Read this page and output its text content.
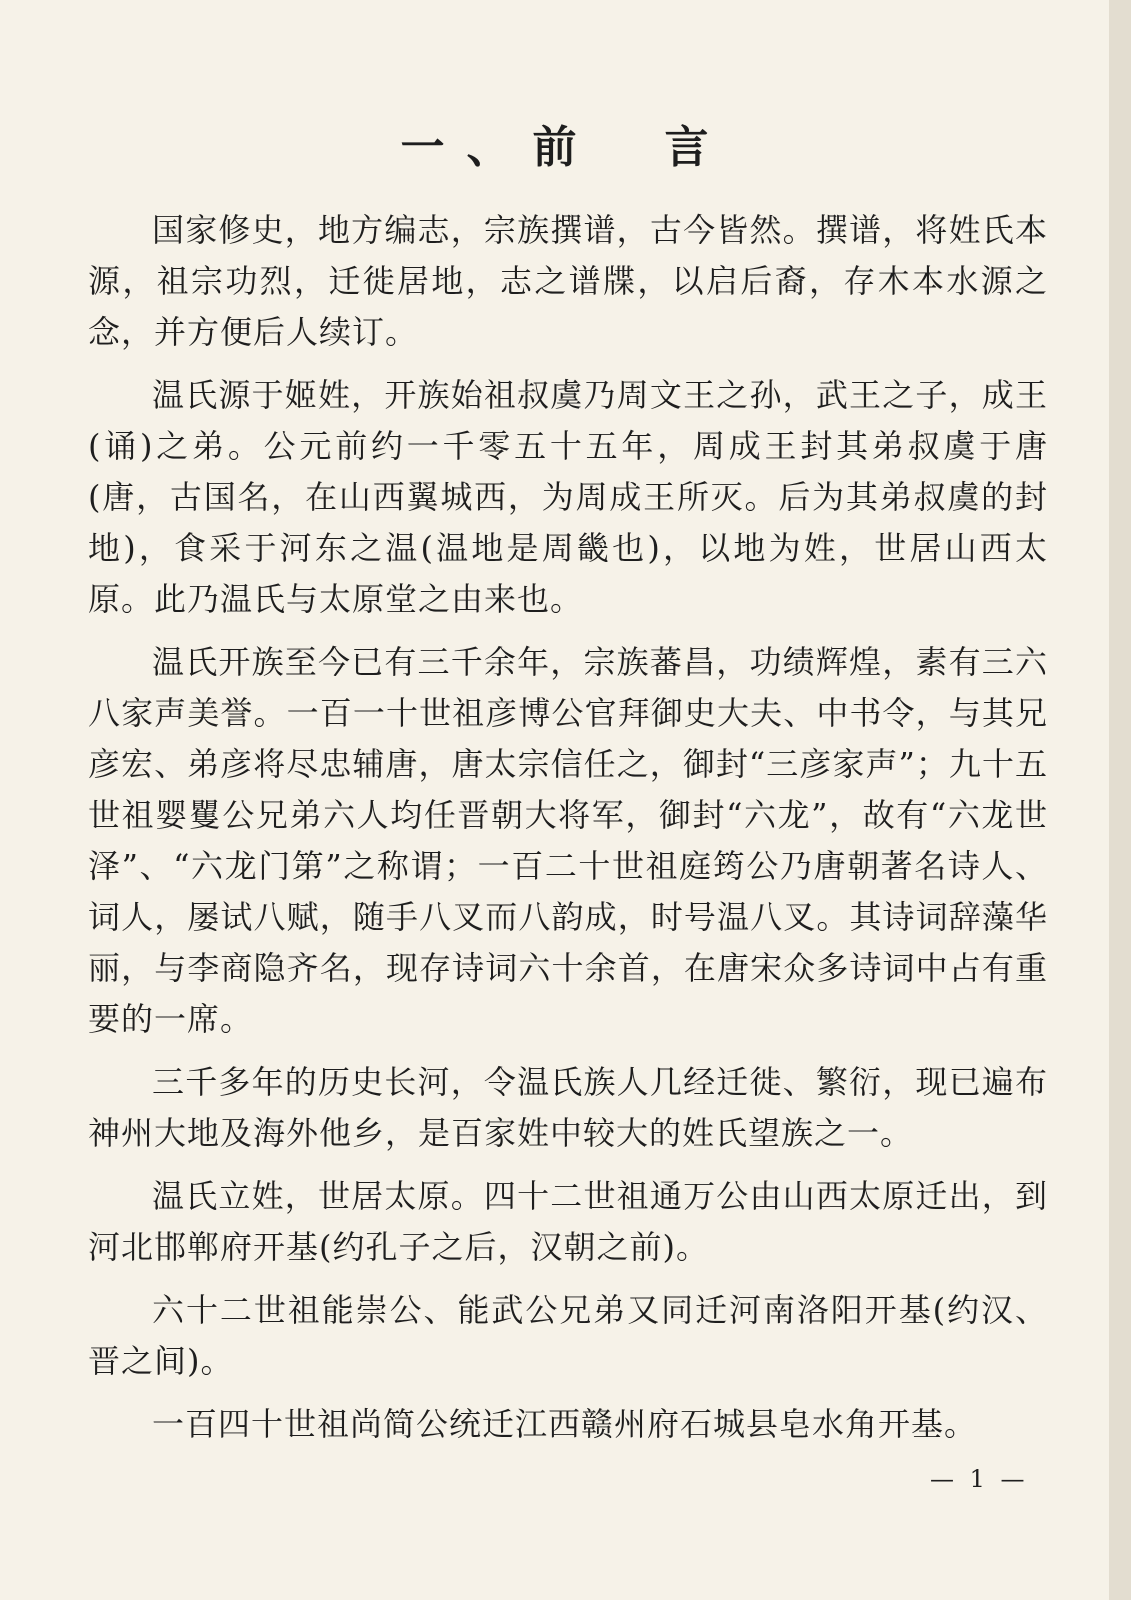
一、前　言

国家修史，地方编志，宗族撰谱，古今皆然。撰谱，将姓氏本源，祖宗功烈，迁徙居地，志之谱牒，以启后裔，存木本水源之念，并方便后人续订。

温氏源于姬姓，开族始祖叔虞乃周文王之孙，武王之子，成王(诵)之弟。公元前约一千零五十五年，周成王封其弟叔虞于唐(唐，古国名，在山西翼城西，为周成王所灭。后为其弟叔虞的封地)，食采于河东之温(温地是周畿也)，以地为姓，世居山西太原。此乃温氏与太原堂之由来也。

温氏开族至今已有三千余年，宗族蕃昌，功绩辉煌，素有三六八家声美誉。一百一十世祖彦博公官拜御史大夫、中书令，与其兄彦宏、弟彦将尽忠辅唐，唐太宗信任之，御封“三彦家声”；九十五世祖婴矍公兄弟六人均任晋朝大将军，御封“六龙”，故有“六龙世泽”、“六龙门第”之称谓；一百二十世祖庭筠公乃唐朝著名诗人、词人，屡试八赋，随手八叉而八韵成，时号温八叉。其诗词辞藻华丽，与李商隐齐名，现存诗词六十余首，在唐宋众多诗词中占有重要的一席。

三千多年的历史长河，令温氏族人几经迁徙、繁衍，现已遍布神州大地及海外他乡，是百家姓中较大的姓氏望族之一。

温氏立姓，世居太原。四十二世祖通万公由山西太原迁出，到河北邯郸府开基(约孔子之后，汉朝之前)。

六十二世祖能崇公、能武公兄弟又同迁河南洛阳开基(约汉、晋之间)。

一百四十世祖尚简公统迁江西赣州府石城县皂水角开基。

— 1 —
